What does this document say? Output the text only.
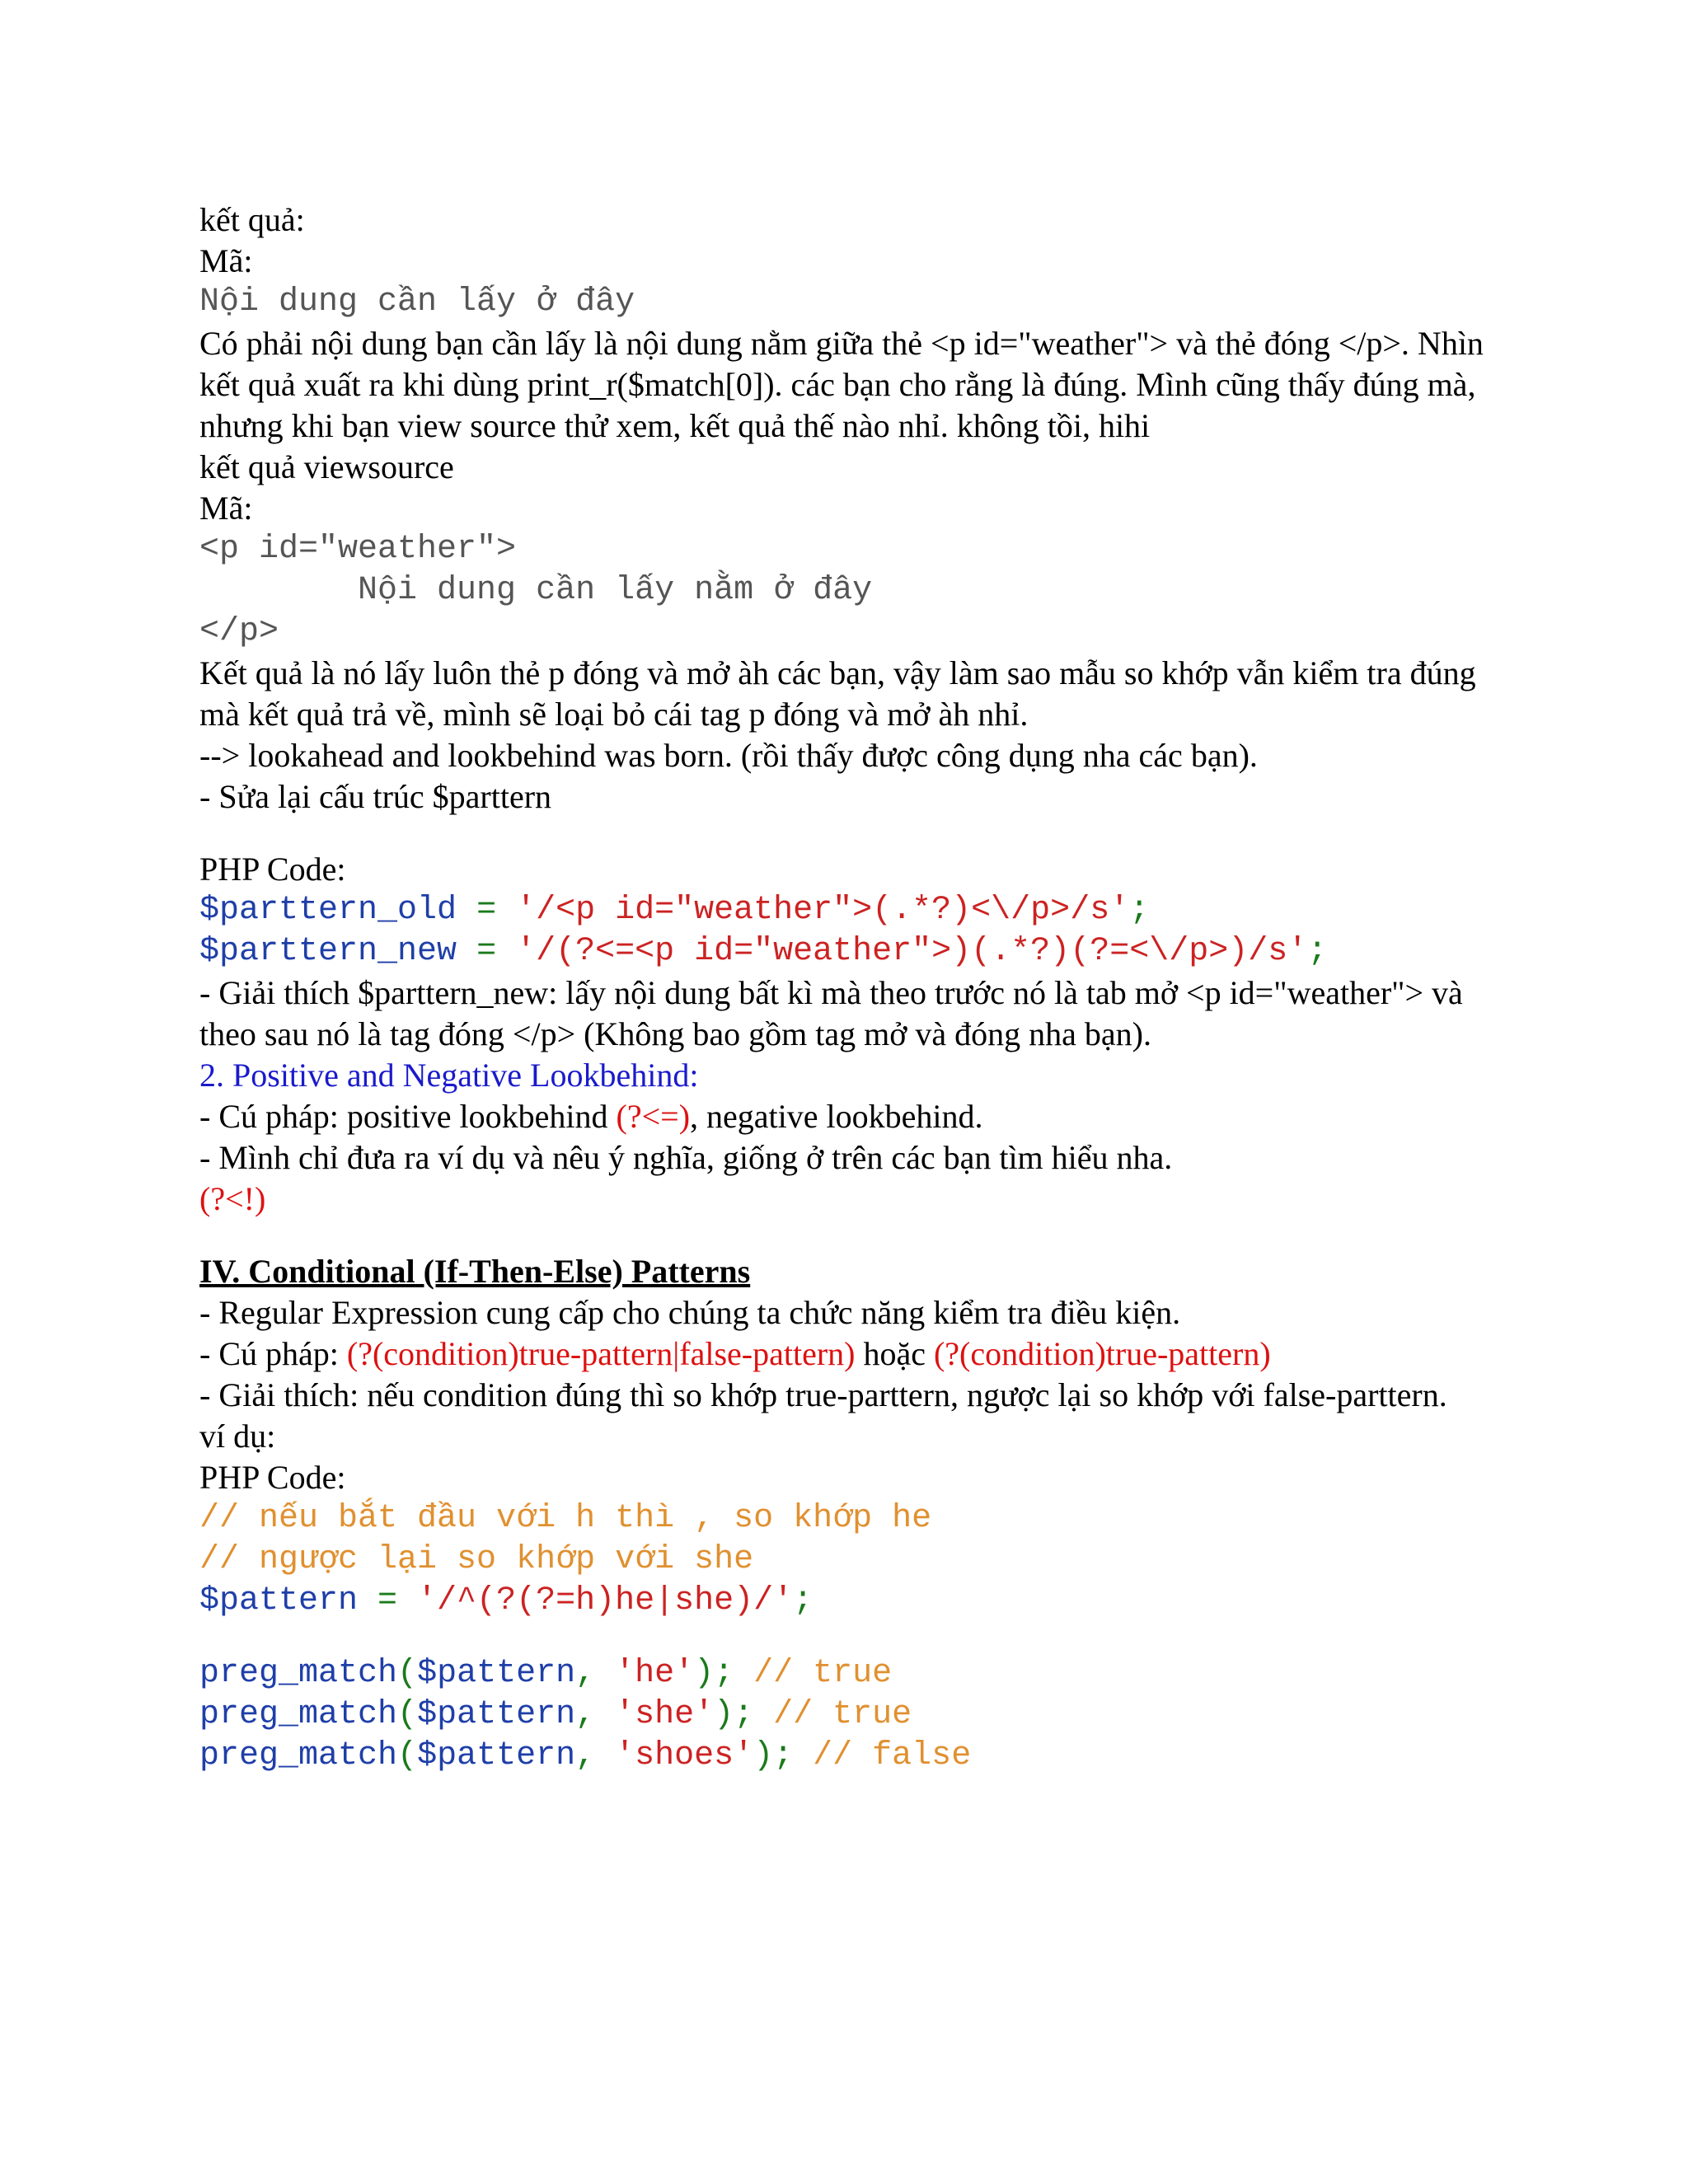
kết quả:
Mã:
Nội dung cần lấy ở đây
Có phải nội dung bạn cần lấy là nội dung nằm giữa thẻ <p id="weather"> và thẻ đóng </p>. Nhìn kết quả xuất ra khi dùng print_r($match[0]). các bạn cho rằng là đúng. Mình cũng thấy đúng mà, nhưng khi bạn view source thử xem, kết quả thế nào nhỉ. không tồi, hihi
kết quả viewsource
Mã:
<p id="weather">
Nội dung cần lấy nằm ở đây
</p>
Kết quả là nó lấy luôn thẻ p đóng và mở àh các bạn, vậy làm sao mẫu so khớp vẫn kiểm tra đúng mà kết quả trả về, mình sẽ loại bỏ cái tag p đóng và mở àh nhỉ.
--> lookahead and lookbehind was born. (rồi thấy được công dụng nha các bạn).
- Sửa lại cấu trúc $parttern
PHP Code:
$parttern_old = '/<p id="weather">(.*?)<\/p>/s';
$parttern_new = '/(?<=<p id="weather">)(.*?)(?=<\/p>)/s';
- Giải thích $parttern_new: lấy nội dung bất kì mà theo trước nó là tab mở <p id="weather"> và theo sau nó là tag đóng </p> (Không bao gồm tag mở và đóng nha bạn).
2. Positive and Negative Lookbehind:
- Cú pháp: positive lookbehind (?<=), negative lookbehind.
- Mình chỉ đưa ra ví dụ và nêu ý nghĩa, giống ở trên các bạn tìm hiểu nha.
(?<!)
IV. Conditional (If-Then-Else) Patterns
- Regular Expression cung cấp cho chúng ta chức năng kiểm tra điều kiện.
- Cú pháp: (?(condition)true-pattern|false-pattern) hoặc (?(condition)true-pattern)
- Giải thích: nếu condition đúng thì so khớp true-parttern, ngược lại so khớp với false-parttern.
ví dụ:
PHP Code:
// nếu bắt đầu với h thì , so khớp he
// ngược lại so khớp với she
$pattern = '/^(?(?=h)he|she)/';
preg_match($pattern, 'he'); // true
preg_match($pattern, 'she'); // true
preg_match($pattern, 'shoes'); // false
